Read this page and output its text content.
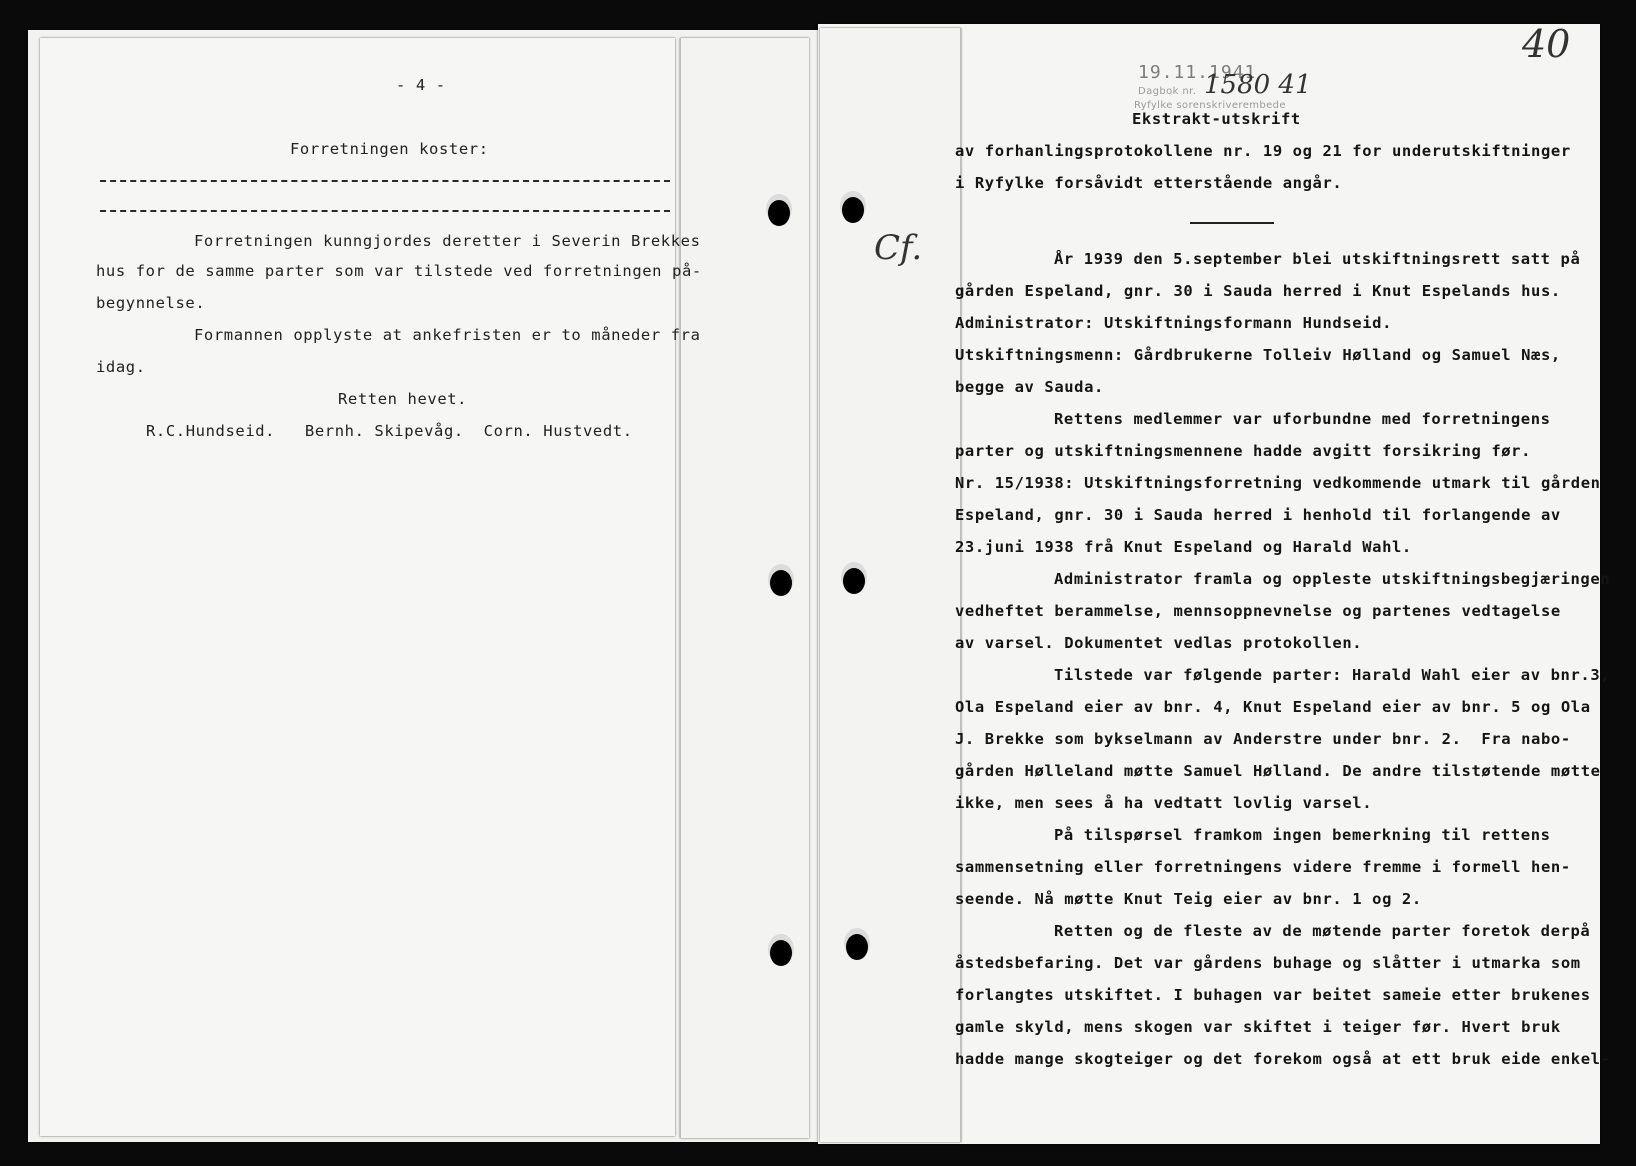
- 4 -
Forretningen koster:
Forretningen kunngjordes deretter i Severin Brekkes
hus for de samme parter som var tilstede ved forretningen på-
begynnelse.
Formannen opplyste at ankefristen er to måneder fra
idag.
Retten hevet.
R.C.Hundseid.   Bernh. Skipevåg.  Corn. Hustvedt.
40
19.11.1941
Dagbok nr.
Ryfylke sorenskriverembede
1580 41
Ekstrakt-utskrift
av forhanlingsprotokollene nr. 19 og 21 for underutskiftninger
i Ryfylke forsåvidt etterstående angår.
Cf.	År 1939 den 5.september blei utskiftningsrett satt på
gården Espeland, gnr. 30 i Sauda herred i Knut Espelands hus.
Administrator: Utskiftningsformann Hundseid.
Utskiftningsmenn: Gårdbrukerne Tolleiv Hølland og Samuel Næs,
begge av Sauda.
Rettens medlemmer var uforbundne med forretningens
parter og utskiftningsmennene hadde avgitt forsikring før.
Nr. 15/1938: Utskiftningsforretning vedkommende utmark til gården
Espeland, gnr. 30 i Sauda herred i henhold til forlangende av
23.juni 1938 frå Knut Espeland og Harald Wahl.
Administrator framla og oppleste utskiftningsbegjæringen
vedheftet berammelse, mennsoppnevnelse og partenes vedtagelse
av varsel. Dokumentet vedlas protokollen.
Tilstede var følgende parter: Harald Wahl eier av bnr.3,
Ola Espeland eier av bnr. 4, Knut Espeland eier av bnr. 5 og Ola
J. Brekke som bykselmann av Anderstre under bnr. 2.  Fra nabo-
gården Hølleland møtte Samuel Hølland. De andre tilstøtende møtte
ikke, men sees å ha vedtatt lovlig varsel.
På tilspørsel framkom ingen bemerkning til rettens
sammensetning eller forretningens videre fremme i formell hen-
seende. Nå møtte Knut Teig eier av bnr. 1 og 2.
Retten og de fleste av de møtende parter foretok derpå
åstedsbefaring. Det var gårdens buhage og slåtter i utmarka som
forlangtes utskiftet. I buhagen var beitet sameie etter brukenes
gamle skyld, mens skogen var skiftet i teiger før. Hvert bruk
hadde mange skogteiger og det forekom også at ett bruk eide enkel-
